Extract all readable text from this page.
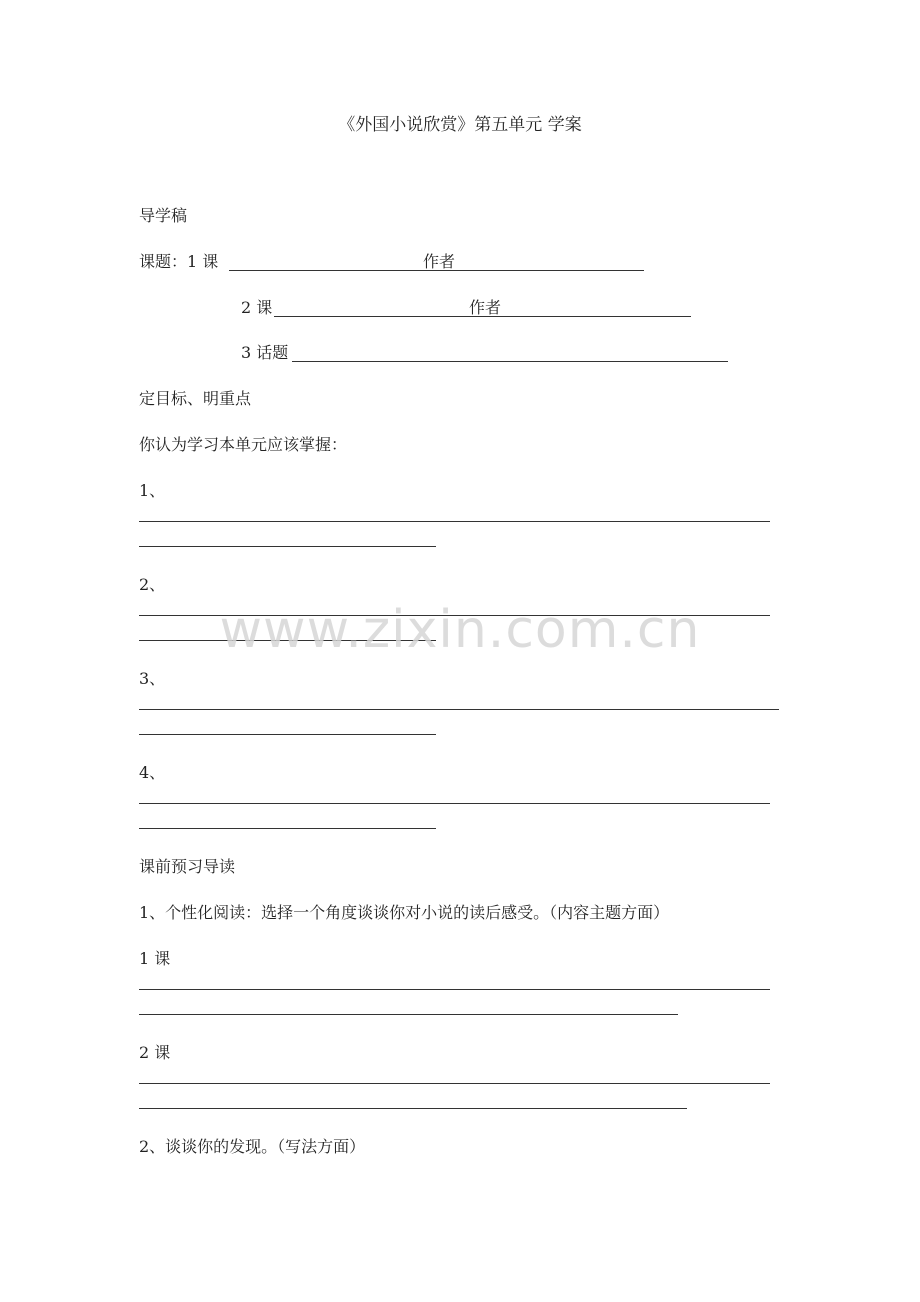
《外国小说欣赏》第五单元 学案
导学稿
课题：1 课	作者
2 课	作者
3 话题
定目标、明重点
你认为学习本单元应该掌握：
1、
2、
3、
4、
课前预习导读
1、个性化阅读：选择一个角度谈谈你对小说的读后感受。（内容主题方面）
1 课
2 课
2、谈谈你的发现。（写法方面）
www.zixin.com.cn
